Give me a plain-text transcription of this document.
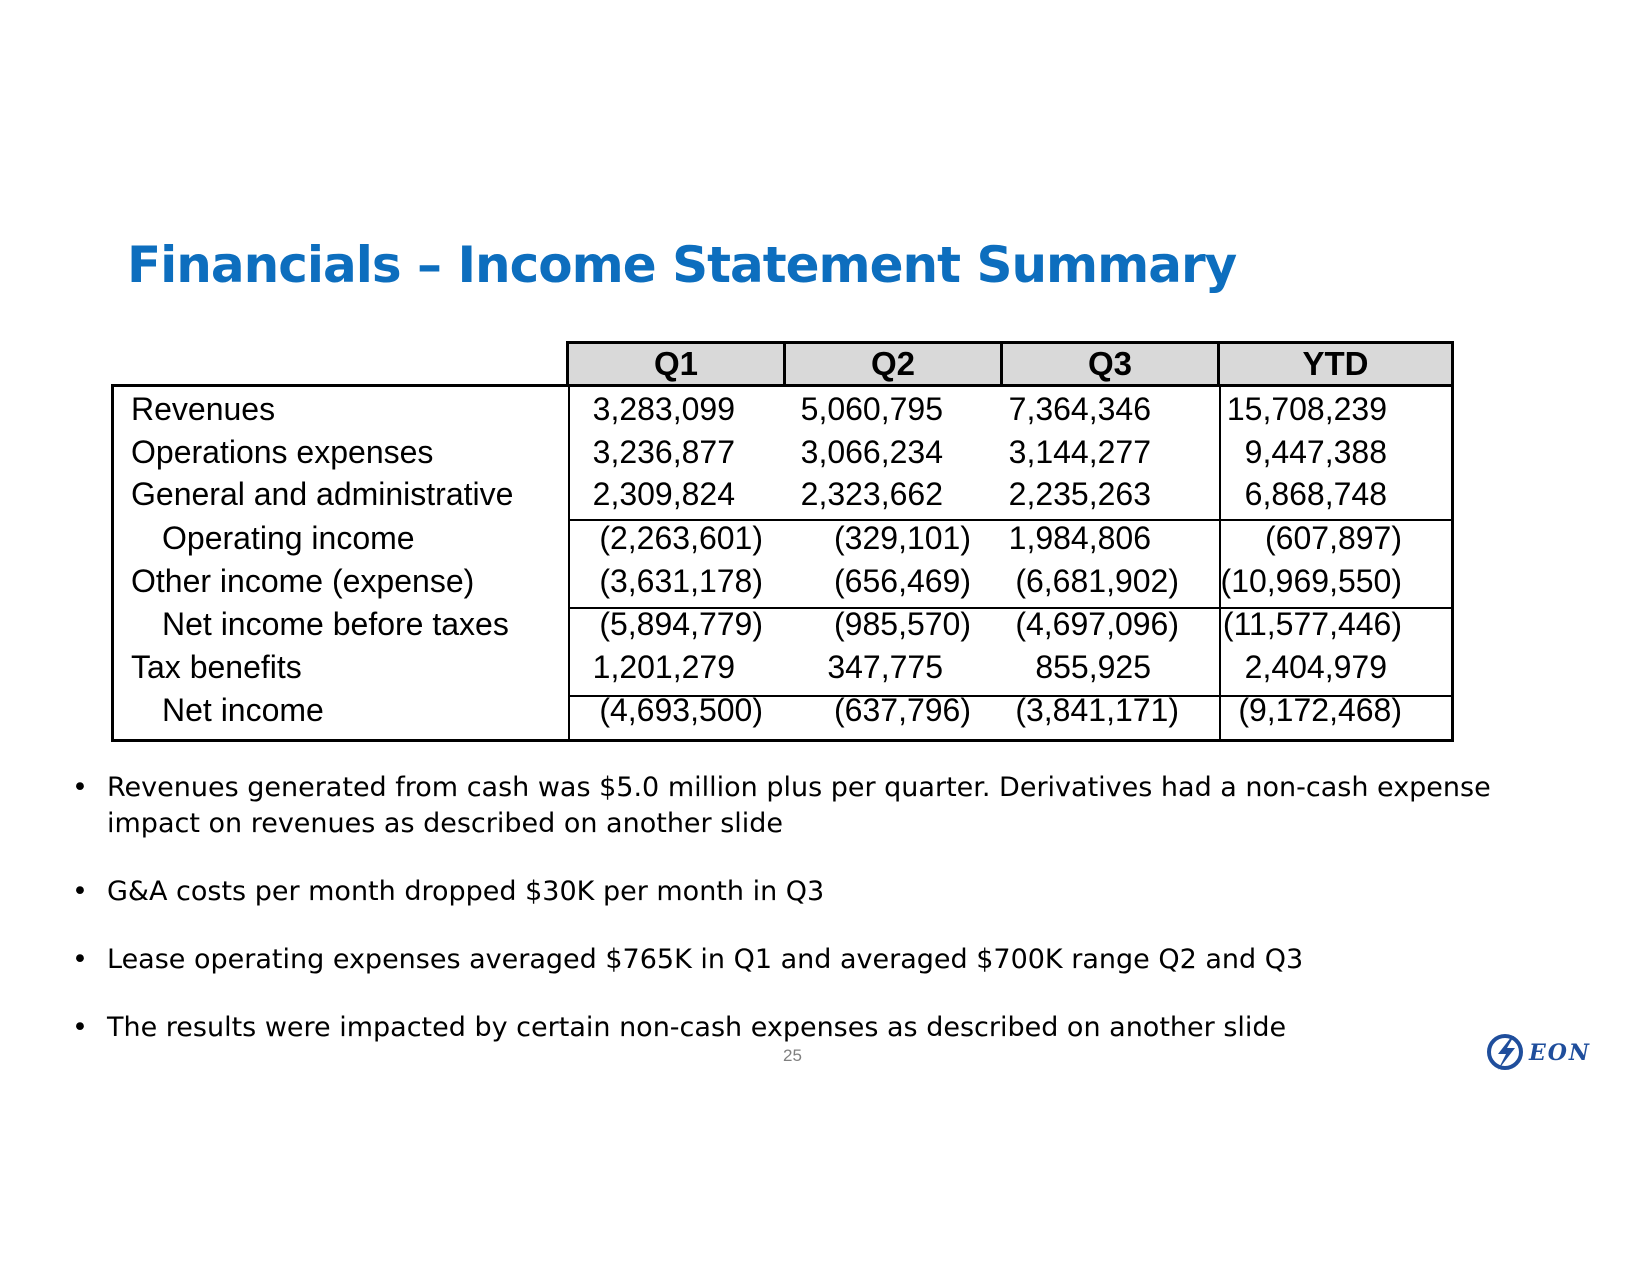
Financials – Income Statement Summary
Q1	Q2	Q3	YTD
Revenues	3,283,099 5,060,795 7,364,346 15,708,239
Operations expenses	3,236,877 3,066,234 3,144,277	9,447,388
General and administrative 2,309,824 2,323,662 2,235,263	6,868,748
Operating income	(2,263,601) (329,101) 1,984,806	(607,897)
Other income (expense)	(3,631,178) (656,469) (6,681,902) (10,969,550)
Net income before taxes	(5,894,779) (985,570) (4,697,096) (11,577,446)
Tax benefits	1,201,279	347,775	855,925	2,404,979
Net income	(4,693,500) (637,796) (3,841,171) (9,172,468)
• Revenues generated from cash was $5.0 million plus per quarter. Derivatives had a non-cash expense impact on revenues as described on another slide
• G&A costs per month dropped $30K per month in Q3
• Lease operating expenses averaged $765K in Q1 and averaged $700K range Q2 and Q3
• The results were impacted by certain non-cash expenses as described on another slide
25	EON
